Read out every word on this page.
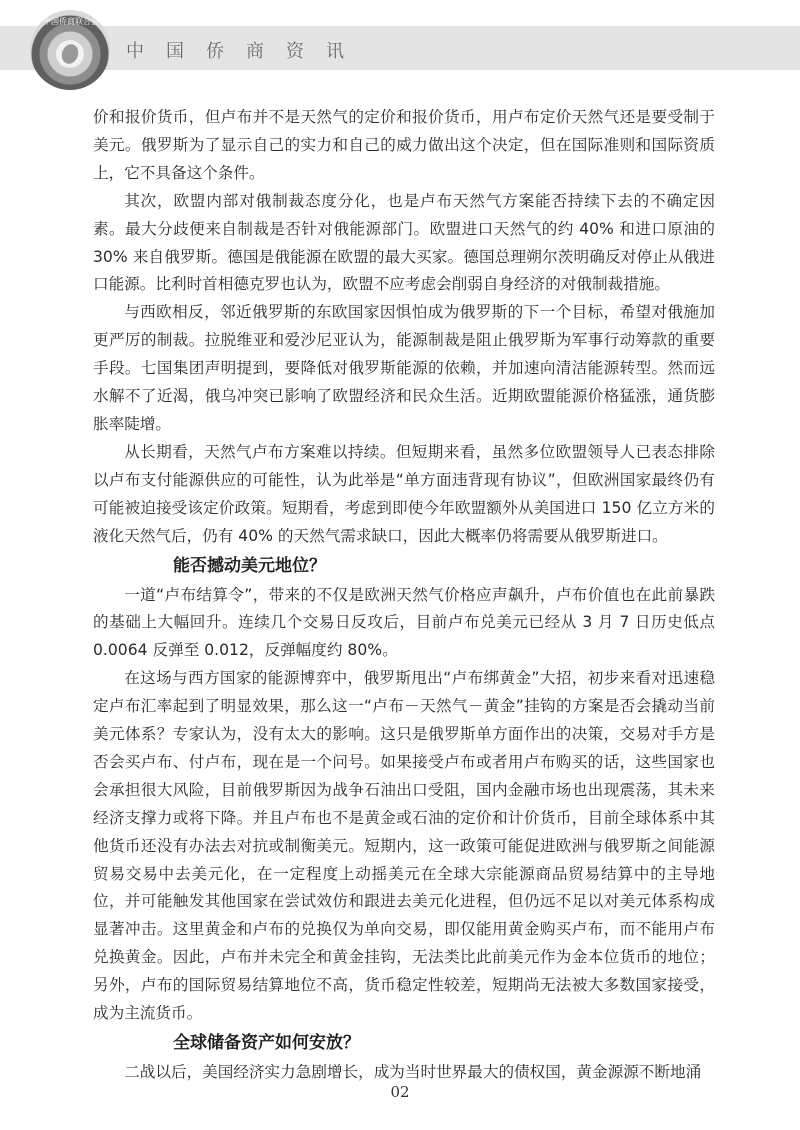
中国侨商联合会
中国侨商资讯

价和报价货币，但卢布并不是天然气的定价和报价货币，用卢布定价天然气还是要受制于美元。俄罗斯为了显示自己的实力和自己的威力做出这个决定，但在国际准则和国际资质上，它不具备这个条件。

其次，欧盟内部对俄制裁态度分化，也是卢布天然气方案能否持续下去的不确定因素。最大分歧便来自制裁是否针对俄能源部门。欧盟进口天然气的约 40% 和进口原油的 30% 来自俄罗斯。德国是俄能源在欧盟的最大买家。德国总理朔尔茨明确反对停止从俄进口能源。比利时首相德克罗也认为，欧盟不应考虑会削弱自身经济的对俄制裁措施。

与西欧相反，邻近俄罗斯的东欧国家因惧怕成为俄罗斯的下一个目标，希望对俄施加更严厉的制裁。拉脱维亚和爱沙尼亚认为，能源制裁是阻止俄罗斯为军事行动筹款的重要手段。七国集团声明提到，要降低对俄罗斯能源的依赖，并加速向清洁能源转型。然而远水解不了近渴，俄乌冲突已影响了欧盟经济和民众生活。近期欧盟能源价格猛涨，通货膨胀率陡增。

从长期看，天然气卢布方案难以持续。但短期来看，虽然多位欧盟领导人已表态排除以卢布支付能源供应的可能性，认为此举是“单方面违背现有协议”，但欧洲国家最终仍有可能被迫接受该定价政策。短期看，考虑到即使今年欧盟额外从美国进口 150 亿立方米的液化天然气后，仍有 40% 的天然气需求缺口，因此大概率仍将需要从俄罗斯进口。

能否撼动美元地位？

一道“卢布结算令”，带来的不仅是欧洲天然气价格应声飙升，卢布价值也在此前暴跌的基础上大幅回升。连续几个交易日反攻后，目前卢布兑美元已经从 3 月 7 日历史低点 0.0064 反弹至 0.012，反弹幅度约 80%。

在这场与西方国家的能源博弈中，俄罗斯甩出“卢布绑黄金”大招，初步来看对迅速稳定卢布汇率起到了明显效果，那么这一“卢布－天然气－黄金”挂钩的方案是否会撬动当前美元体系？专家认为，没有太大的影响。这只是俄罗斯单方面作出的决策，交易对手方是否会买卢布、付卢布，现在是一个问号。如果接受卢布或者用卢布购买的话，这些国家也会承担很大风险，目前俄罗斯因为战争石油出口受阻，国内金融市场也出现震荡，其未来经济支撑力或将下降。并且卢布也不是黄金或石油的定价和计价货币，目前全球体系中其他货币还没有办法去对抗或制衡美元。短期内，这一政策可能促进欧洲与俄罗斯之间能源贸易交易中去美元化，在一定程度上动摇美元在全球大宗能源商品贸易结算中的主导地位，并可能触发其他国家在尝试效仿和跟进去美元化进程，但仍远不足以对美元体系构成显著冲击。这里黄金和卢布的兑换仅为单向交易，即仅能用黄金购买卢布，而不能用卢布兑换黄金。因此，卢布并未完全和黄金挂钩，无法类比此前美元作为金本位货币的地位；另外，卢布的国际贸易结算地位不高，货币稳定性较差，短期尚无法被大多数国家接受，成为主流货币。

全球储备资产如何安放？

二战以后，美国经济实力急剧增长，成为当时世界最大的债权国，黄金源源不断地涌

02
